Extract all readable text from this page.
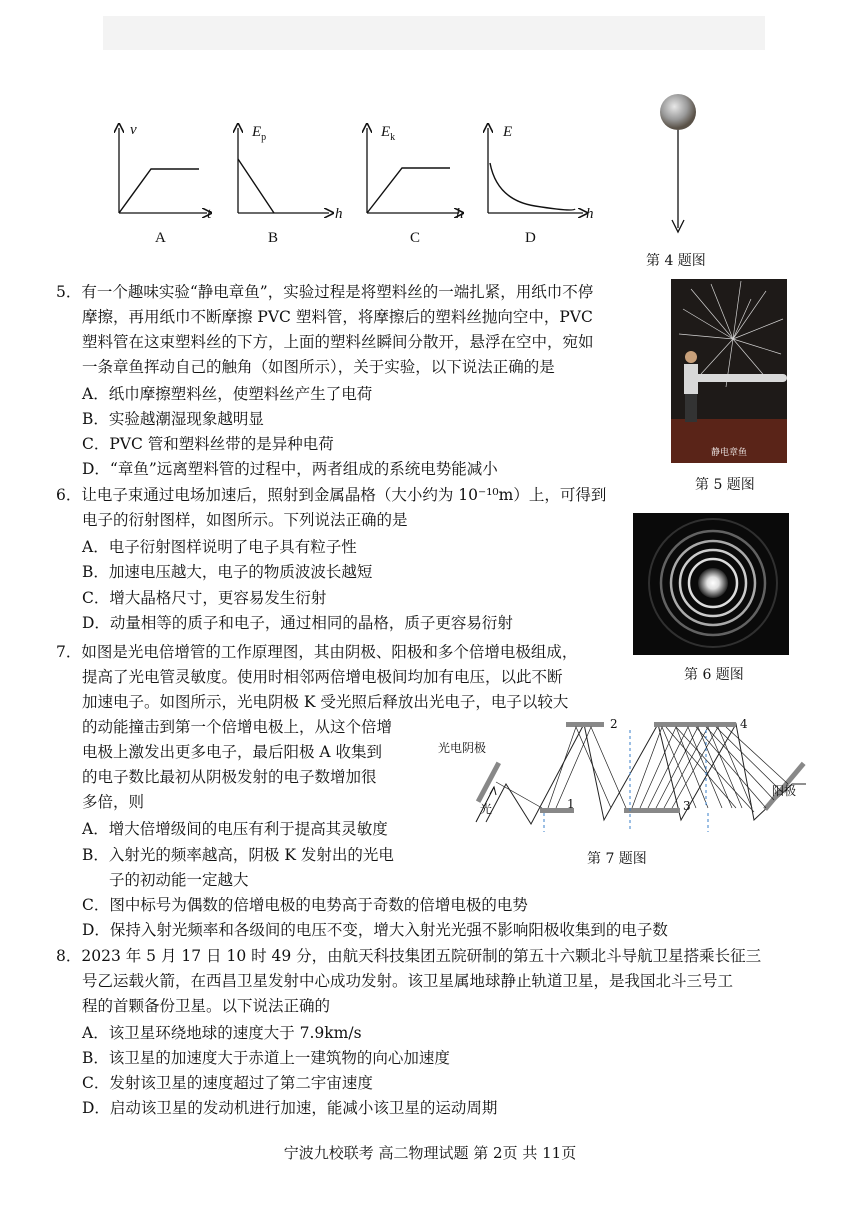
v
t
A
$E_p$
h
B
$E_k$
h
C
E
h
D
第 4 题图
5．有一个趣味实验“静电章鱼”，实验过程是将塑料丝的一端扎紧，用纸巾不停
摩擦，再用纸巾不断摩擦 PVC 塑料管，将摩擦后的塑料丝抛向空中，PVC
塑料管在这束塑料丝的下方，上面的塑料丝瞬间分散开，悬浮在空中，宛如
一条章鱼挥动自己的触角（如图所示），关于实验，以下说法正确的是
A．纸巾摩擦塑料丝，使塑料丝产生了电荷
B．实验越潮湿现象越明显
C．PVC 管和塑料丝带的是异种电荷
D．“章鱼”远离塑料管的过程中，两者组成的系统电势能减小
静电章鱼
第 5 题图
6．让电子束通过电场加速后，照射到金属晶格（大小约为 10⁻¹⁰m）上，可得到
电子的衍射图样，如图所示。下列说法正确的是
A．电子衍射图样说明了电子具有粒子性
B．加速电压越大，电子的物质波波长越短
C．增大晶格尺寸，更容易发生衍射
D．动量相等的质子和电子，通过相同的晶格，质子更容易衍射
第 6 题图
7．如图是光电倍增管的工作原理图，其由阴极、阳极和多个倍增电极组成，
提高了光电管灵敏度。使用时相邻两倍增电极间均加有电压，以此不断
加速电子。如图所示，光电阴极 K 受光照后释放出光电子，电子以较大
的动能撞击到第一个倍增电极上，从这个倍增
电极上激发出更多电子，最后阳极 A 收集到
的电子数比最初从阴极发射的电子数增加很
多倍，则
A．增大倍增级间的电压有利于提高其灵敏度
B．入射光的频率越高，阴极 K 发射出的光电
子的初动能一定越大
C．图中标号为偶数的倍增电极的电势高于奇数的倍增电极的电势
D．保持入射光频率和各级间的电压不变，增大入射光光强不影响阳极收集到的电子数
光电阴极
光
阳极
1
2
3
4
第 7 题图
8．2023 年 5 月 17 日 10 时 49 分，由航天科技集团五院研制的第五十六颗北斗导航卫星搭乘长征三
号乙运载火箭，在西昌卫星发射中心成功发射。该卫星属地球静止轨道卫星，是我国北斗三号工
程的首颗备份卫星。以下说法正确的
A．该卫星环绕地球的速度大于 7.9km/s
B．该卫星的加速度大于赤道上一建筑物的向心加速度
C．发射该卫星的速度超过了第二宇宙速度
D．启动该卫星的发动机进行加速，能减小该卫星的运动周期
宁波九校联考 高二物理试题 第 2页 共 11页
